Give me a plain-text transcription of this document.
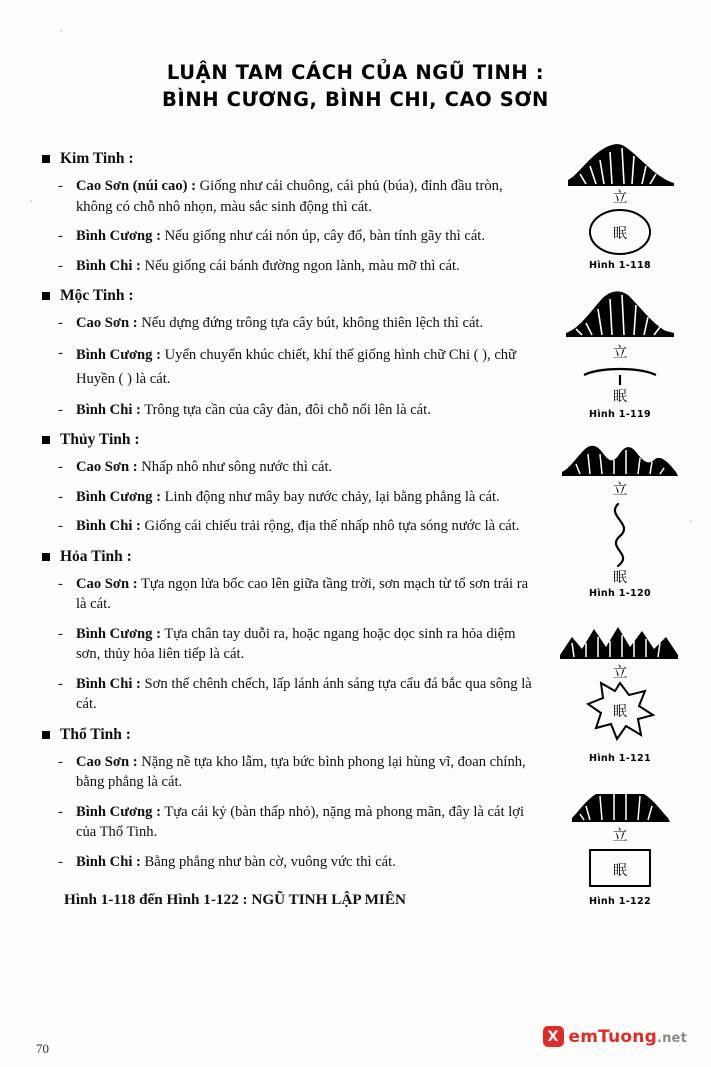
LUẬN TAM CÁCH CỦA NGŨ TINH :
BÌNH CƯƠNG, BÌNH CHI, CAO SƠN
Kim Tinh :
- Cao Sơn (núi cao) : Giống như cái chuông, cái phủ (búa), đỉnh đầu tròn, không có chỗ nhô nhọn, màu sắc sinh động thì cát.
- Bình Cương : Nếu giống như cái nón úp, cây đổ, bàn tính gãy thì cát.
- Bình Chi : Nếu giống cái bánh đường ngon lành, màu mỡ thì cát.
Mộc Tinh :
- Cao Sơn : Nếu dựng đứng trông tựa cây bút, không thiên lệch thì cát.
- Bình Cương : Uyển chuyển khúc chiết, khí thế giống hình chữ Chi ( ), chữ Huyền ( ) là cát.
- Bình Chi : Trông tựa cần của cây đàn, đôi chỗ nổi lên là cát.
Thủy Tinh :
- Cao Sơn : Nhấp nhô như sông nước thì cát.
- Bình Cương : Linh động như mây bay nước chảy, lại bằng phẳng là cát.
- Bình Chi : Giống cái chiếu trải rộng, địa thế nhấp nhô tựa sóng nước là cát.
Hỏa Tinh :
- Cao Sơn : Tựa ngọn lửa bốc cao lên giữa tầng trời, sơn mạch từ tổ sơn trải ra là cát.
- Bình Cương : Tựa chân tay duỗi ra, hoặc ngang hoặc dọc sinh ra hỏa diệm sơn, thủy hỏa liên tiếp là cát.
- Bình Chi : Sơn thế chênh chếch, lấp lánh ánh sáng tựa cẩu đá bắc qua sông là cát.
Thổ Tinh :
- Cao Sơn : Nặng nề tựa kho lẫm, tựa bức bình phong lại hùng vĩ, đoan chính, bằng phẳng là cát.
- Bình Cương : Tựa cái kỷ (bàn thấp nhỏ), nặng mà phong mãn, đây là cát lợi của Thổ Tinh.
- Bình Chi : Bằng phẳng như bàn cờ, vuông vức thì cát.
Hình 1-118 đến Hình 1-122 : NGŨ TINH LẬP MIÊN
70
立
眠
Hình 1-118
立
眠
Hình 1-119
立
眠
Hình 1-120
立
眠
Hình 1-121
立
眠
Hình 1-122
X emTuong.net
